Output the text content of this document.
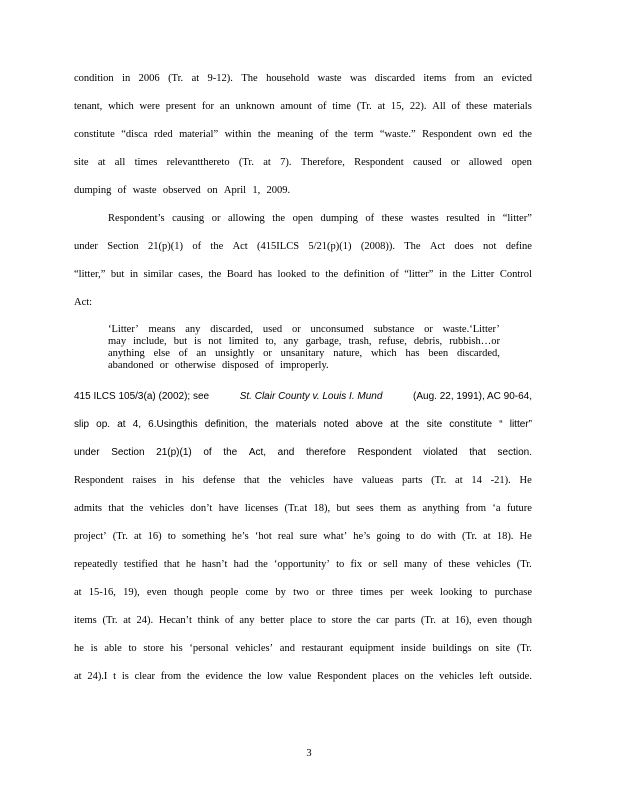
condition in 2006 (Tr. at 9-12). The household waste was discarded items from an evicted

tenant, which were present for an unknown amount of time (Tr. at 15, 22). All of these materials

constitute “disca rded material” within the meaning of the term “waste.” Respondent own ed the

site at all times relevantthereto (Tr. at 7). Therefore, Respondent caused or allowed open

dumping of waste observed on April 1, 2009.

Respondent’s causing or allowing the open dumping of these wastes resulted in “litter”

under Section 21(p)(1) of the Act (415ILCS 5/21(p)(1) (2008)). The Act does not define

“litter,” but in similar cases, the Board has looked to the definition of “litter” in the Litter Control

Act:

‘Litter’ means any discarded, used or unconsumed substance or waste.‘Litter’

may include, but is not limited to, any garbage, trash, refuse, debris, rubbish…or

anything else of an unsightly or unsanitary nature, which has been discarded,

abandoned or otherwise disposed of improperly.

415 ILCS 105/3(a) (2002); see	St. Clair County v. Louis I. Mund	(Aug. 22, 1991), AC 90-64,

slip op. at 4, 6.Usingthis definition, the materials noted above at the site constitute “ litter”

under Section 21(p)(1) of the Act, and therefore Respondent violated that section.

Respondent raises in his defense that the vehicles have valueas parts (Tr. at 14 -21). He

admits that the vehicles don’t have licenses (Tr.at 18), but sees them as anything from ‘a future

project’ (Tr. at 16) to something he’s ‘hot real sure what’ he’s going to do with (Tr. at 18). He

repeatedly testified that he hasn’t had the ‘opportunity’ to fix or sell many of these vehicles (Tr.

at 15-16, 19), even though people come by two or three times per week looking to purchase

items (Tr. at 24). Hecan’t think of any better place to store the car parts (Tr. at 16), even though

he is able to store his ‘personal vehicles’ and restaurant equipment inside buildings on site (Tr.

at 24).I t is clear from the evidence the low value Respondent places on the vehicles left outside.

3
